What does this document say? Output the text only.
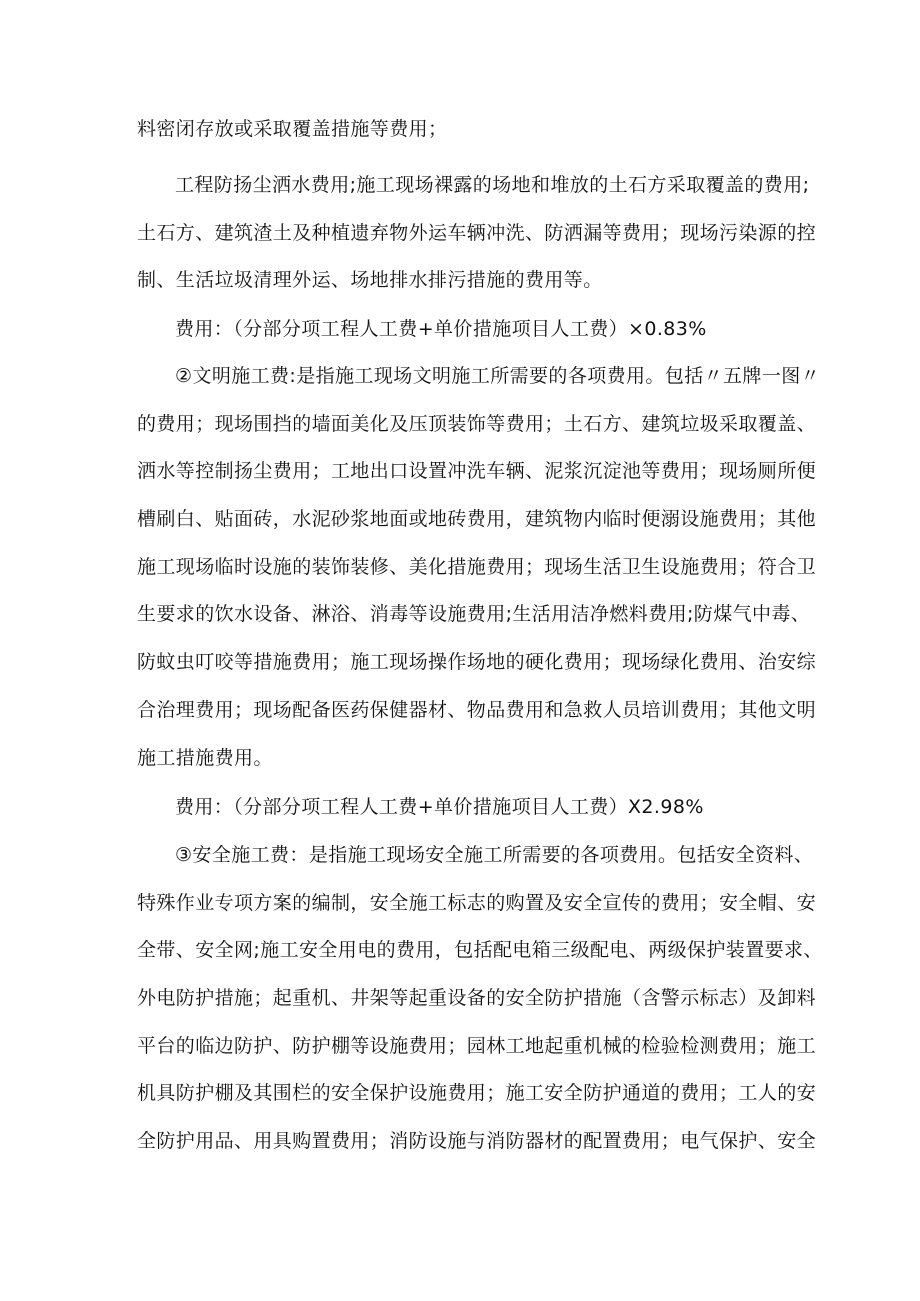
料密闭存放或采取覆盖措施等费用；
工程防扬尘洒水费用;施工现场裸露的场地和堆放的土石方采取覆盖的费用;
土石方、建筑渣土及种植遗弃物外运车辆冲洗、防洒漏等费用；现场污染源的控
制、生活垃圾清理外运、场地排水排污措施的费用等。
费用：（分部分项工程人工费+单价措施项目人工费）×0.83%
②文明施工费:是指施工现场文明施工所需要的各项费用。包括〃五牌一图〃
的费用；现场围挡的墙面美化及压顶装饰等费用；土石方、建筑垃圾采取覆盖、
洒水等控制扬尘费用；工地出口设置冲洗车辆、泥浆沉淀池等费用；现场厕所便
槽刷白、贴面砖，水泥砂浆地面或地砖费用，建筑物内临时便溺设施费用；其他
施工现场临时设施的装饰装修、美化措施费用；现场生活卫生设施费用；符合卫
生要求的饮水设备、淋浴、消毒等设施费用;生活用洁净燃料费用;防煤气中毒、
防蚊虫叮咬等措施费用；施工现场操作场地的硬化费用；现场绿化费用、治安综
合治理费用；现场配备医药保健器材、物品费用和急救人员培训费用；其他文明
施工措施费用。
费用：（分部分项工程人工费+单价措施项目人工费）X2.98%
③安全施工费：是指施工现场安全施工所需要的各项费用。包括安全资料、
特殊作业专项方案的编制，安全施工标志的购置及安全宣传的费用；安全帽、安
全带、安全网;施工安全用电的费用，包括配电箱三级配电、两级保护装置要求、
外电防护措施；起重机、井架等起重设备的安全防护措施（含警示标志）及卸料
平台的临边防护、防护棚等设施费用；园林工地起重机械的检验检测费用；施工
机具防护棚及其围栏的安全保护设施费用；施工安全防护通道的费用；工人的安
全防护用品、用具购置费用；消防设施与消防器材的配置费用；电气保护、安全
